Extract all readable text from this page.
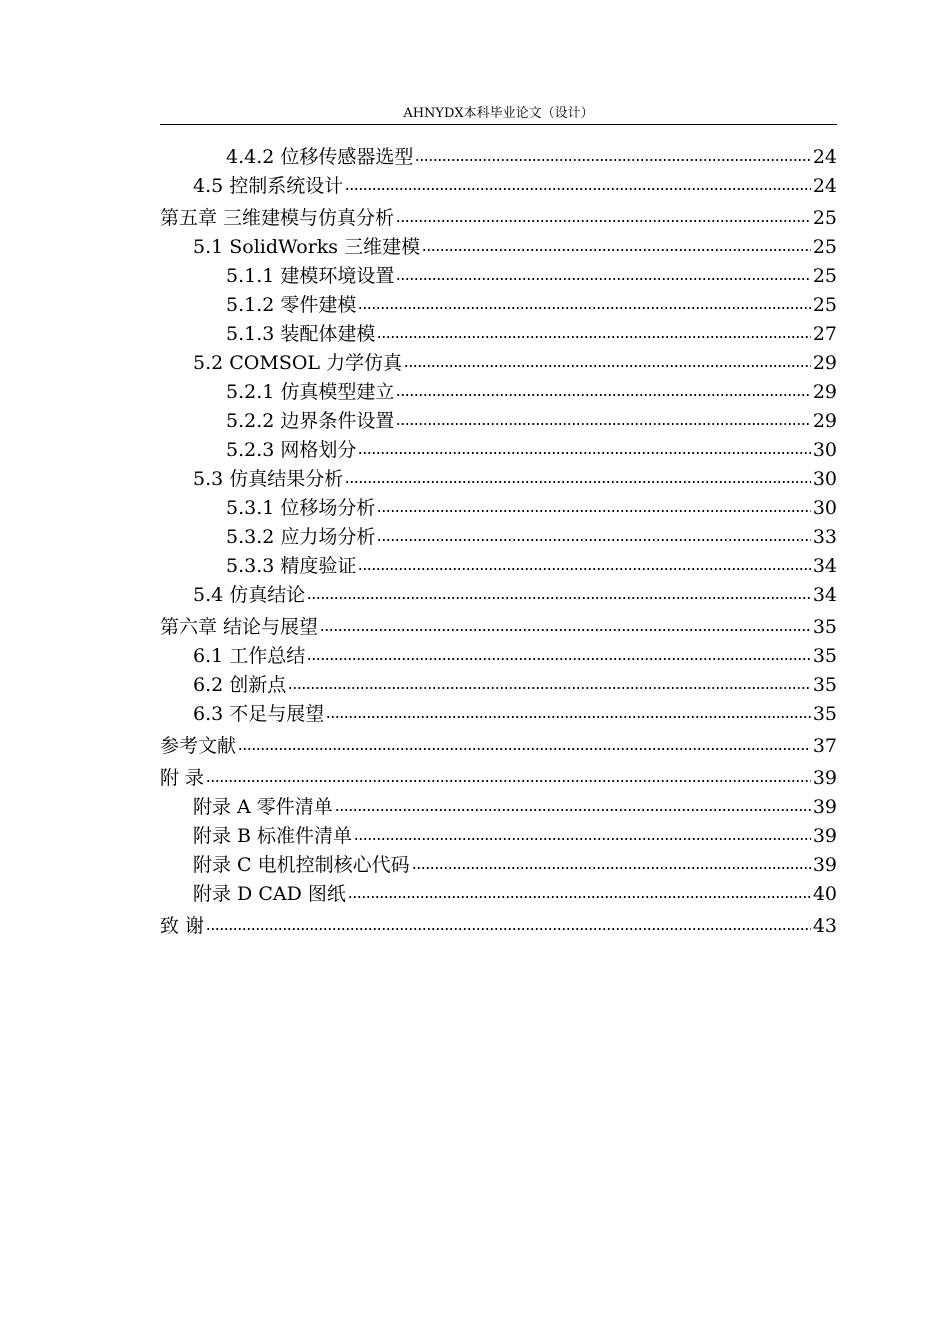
AHNYDX本科毕业论文（设计）
4.4.2 位移传感器选型	24
4.5 控制系统设计	24
第五章 三维建模与仿真分析	25
5.1 SolidWorks 三维建模	25
5.1.1 建模环境设置	25
5.1.2 零件建模	25
5.1.3 装配体建模	27
5.2 COMSOL 力学仿真	29
5.2.1 仿真模型建立	29
5.2.2 边界条件设置	29
5.2.3 网格划分	30
5.3 仿真结果分析	30
5.3.1 位移场分析	30
5.3.2 应力场分析	33
5.3.3 精度验证	34
5.4 仿真结论	34
第六章 结论与展望	35
6.1 工作总结	35
6.2 创新点	35
6.3 不足与展望	35
参考文献	37
附 录	39
附录 A 零件清单	39
附录 B 标准件清单	39
附录 C 电机控制核心代码	39
附录 D CAD 图纸	40
致 谢	43
